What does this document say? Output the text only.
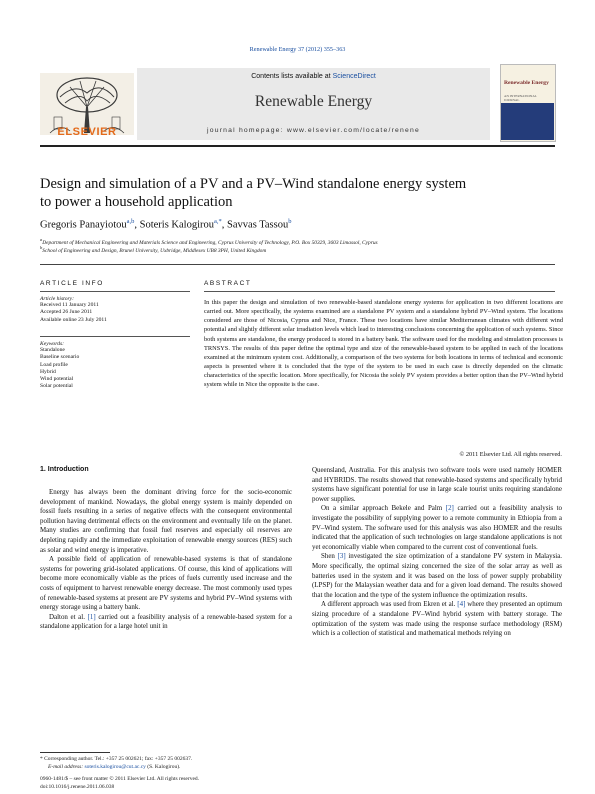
Renewable Energy 37 (2012) 355–363
ELSEVIER
Contents lists available at ScienceDirect
Renewable Energy
journal homepage: www.elsevier.com/locate/renene
Renewable Energy
AN INTERNATIONAL JOURNAL
Design and simulation of a PV and a PV–Wind standalone energy system
to power a household application
Gregoris Panayiotou$^{a,b}$, Soteris Kalogirou$^{a,*}$, Savvas Tassou$^b$
$^a$Department of Mechanical Engineering and Materials Science and Engineering, Cyprus University of Technology, P.O. Box 50329, 3603 Limassol, Cyprus
$^b$School of Engineering and Design, Brunel University, Uxbridge, Middlesex UB8 3PH, United Kingdom
ARTICLE INFO
Article history:
Received 11 January 2011
Accepted 26 June 2011
Available online 23 July 2011
Keywords:
Standalone
Baseline scenario
Load profile
Hybrid
Wind potential
Solar potential
ABSTRACT
In this paper the design and simulation of two renewable-based standalone energy systems for application in two different locations are carried out. More specifically, the systems examined are a standalone PV system and a standalone hybrid PV–Wind system. The locations considered are those of Nicosia, Cyprus and Nice, France. These two locations have similar Mediterranean climates with different wind potential and slightly different solar irradiation levels which lead to interesting conclusions concerning the application of such systems. Since both systems are standalone, the energy produced is stored in a battery bank. The software used for the modeling and simulation processes is TRNSYS. The results of this paper define the optimal type and size of the renewable-based system to be applied in each of the locations examined at the minimum system cost. Additionally, a comparison of the two systems for both locations in terms of technical and economic aspects is presented where it is concluded that the type of the system to be used in each case is directly depended on the climatic characteristics of the specific location. More specifically, for Nicosia the solely PV system provides a better option than the PV–Wind hybrid system while in Nice the opposite is the case.
© 2011 Elsevier Ltd. All rights reserved.
1. Introduction

Energy has always been the dominant driving force for the socio-economic development of mankind. Nowadays, the global energy system is mainly depended on fossil fuels resulting in a series of negative effects with the consequent environmental pollution having detrimental effects on the environment and eventually life on the planet. Many studies are confirming that fossil fuel reserves and especially oil reserves are depleting rapidly and the immediate exploitation of renewable energy sources (RES) such as solar and wind energy is imperative.

A possible field of application of renewable-based systems is that of standalone systems for powering grid-isolated applications. Of course, this kind of applications will become more economically viable as the prices of fuels currently used increase and the costs of equipment to harvest renewable energy decrease. The most commonly used types of renewable-based systems at present are PV systems and hybrid PV–Wind systems with energy storage using a battery bank.

Dalton et al. [1] carried out a feasibility analysis of a renewable-based system for a standalone application for a large hotel unit in

Queensland, Australia. For this analysis two software tools were used namely HOMER and HYBRIDS. The results showed that renewable-based systems and specifically hybrid systems have significant potential for use in large scale tourist units requiring standalone power supplies.

On a similar approach Bekele and Palm [2] carried out a feasibility analysis to investigate the possibility of supplying power to a remote community in Ethiopia from a PV–Wind system. The software used for this analysis was also HOMER and the results indicated that the application of such technologies on large standalone applications is not yet economically viable when compared to the current cost of conventional fuels.

Shen [3] investigated the size optimization of a standalone PV system in Malaysia. More specifically, the optimal sizing concerned the size of the solar array as well as batteries used in the system and it was based on the loss of power supply probability (LPSP) for the Malaysian weather data and for a given load demand. The results showed that the location and the type of the system influence the optimization results.

A different approach was used from Ekren et al. [4] where they presented an optimum sizing procedure of a standalone PV–Wind hybrid system with battery storage. The optimization of the system was made using the response surface methodology (RSM) which is a collection of statistical and mathematical methods relying on

* Corresponding author. Tel.: +357 25 002621; fax: +357 25 002637.
E-mail address: soteris.kalogirou@cut.ac.cy (S. Kalogirou).
0960-1481/$ – see front matter © 2011 Elsevier Ltd. All rights reserved.
doi:10.1016/j.renene.2011.06.038
